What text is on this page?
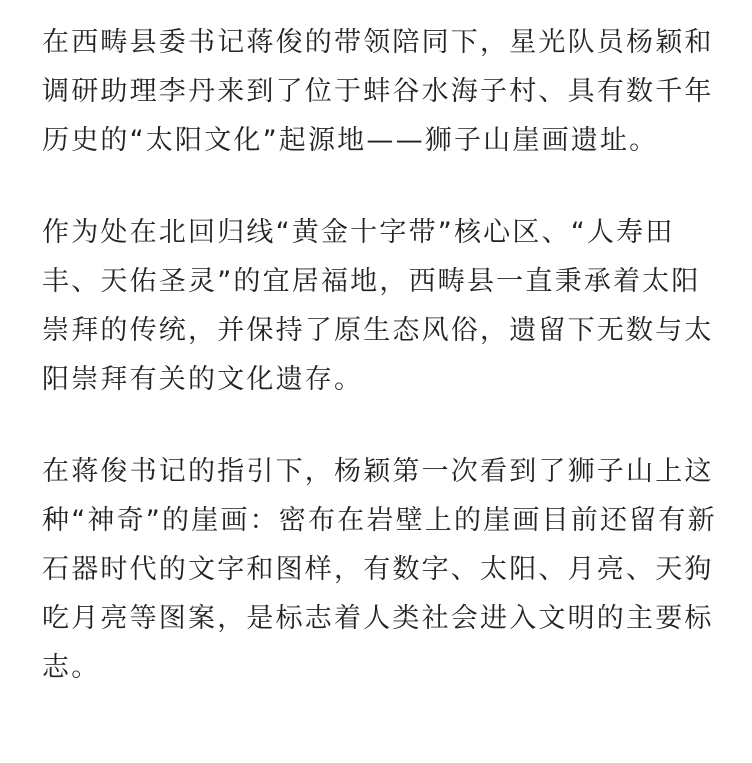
在西畴县委书记蒋俊的带领陪同下，星光队员杨颖和
调研助理李丹来到了位于蚌谷水海子村、具有数千年
历史的“太阳文化”起源地——狮子山崖画遗址。
作为处在北回归线“黄金十字带”核心区、“人寿田
丰、天佑圣灵”的宜居福地，西畴县一直秉承着太阳
崇拜的传统，并保持了原生态风俗，遗留下无数与太
阳崇拜有关的文化遗存。
在蒋俊书记的指引下，杨颖第一次看到了狮子山上这
种“神奇”的崖画：密布在岩壁上的崖画目前还留有新
石器时代的文字和图样，有数字、太阳、月亮、天狗
吃月亮等图案，是标志着人类社会进入文明的主要标
志。
